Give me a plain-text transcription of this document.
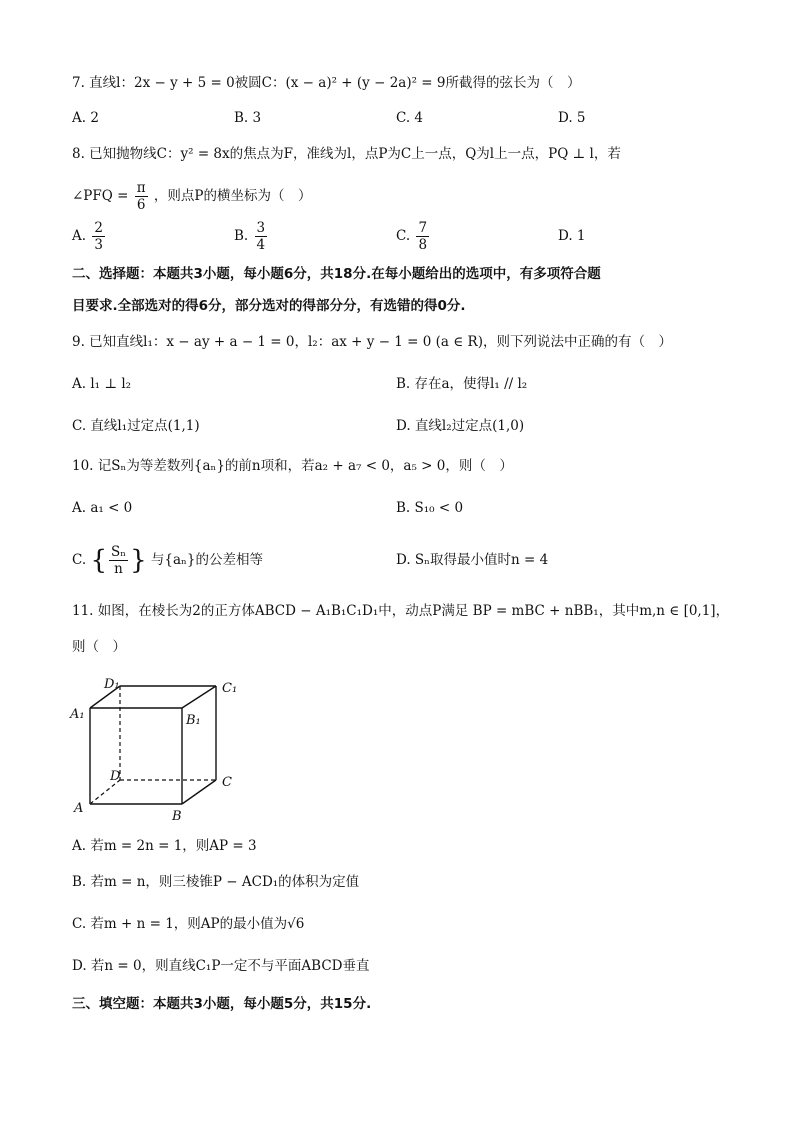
7. 直线l：2x − y + 5 = 0被圆C：(x − a)² + (y − 2a)² = 9所截得的弦长为（　）
A. 2	B. 3	C. 4	D. 5
8. 已知抛物线C：y² = 8x的焦点为F，准线为l，点P为C上一点，Q为l上一点，PQ ⊥ l，若
∠PFQ = $\frac{\pi}{6}$ ，则点P的横坐标为（　）
A. $\frac{2}{3}$	B. $\frac{3}{4}$	C. $\frac{7}{8}$	D. 1
二、选择题：本题共3小题，每小题6分，共18分.在每小题给出的选项中，有多项符合题
目要求.全部选对的得6分，部分选对的得部分分，有选错的得0分.
9. 已知直线l₁：x − ay + a − 1 = 0，l₂：ax + y − 1 = 0 (a ∈ R)，则下列说法中正确的有（　）
A. l₁ ⊥ l₂	B. 存在a，使得l₁ // l₂
C. 直线l₁过定点(1,1)	D. 直线l₂过定点(1,0)
10. 记Sₙ为等差数列{aₙ}的前n项和，若a₂ + a₇ < 0，a₅ > 0，则（　）
A. a₁ < 0	B. S₁₀ < 0
C. { $\frac{\text{Sₙ}}{n}$ } 与{aₙ}的公差相等	D. Sₙ取得最小值时n = 4
11. 如图，在棱长为2的正方体ABCD − A₁B₁C₁D₁中，动点P满足 BP = mBC + nBB₁，其中m,n ∈ [0,1]，
则（　）
D₁	C₁
A₁	B₁
D	C
A
B
A. 若m = 2n = 1，则AP = 3
B. 若m = n，则三棱锥P − ACD₁的体积为定值
C. 若m + n = 1，则AP的最小值为√6
D. 若n = 0，则直线C₁P一定不与平面ABCD垂直
三、填空题：本题共3小题，每小题5分，共15分.
